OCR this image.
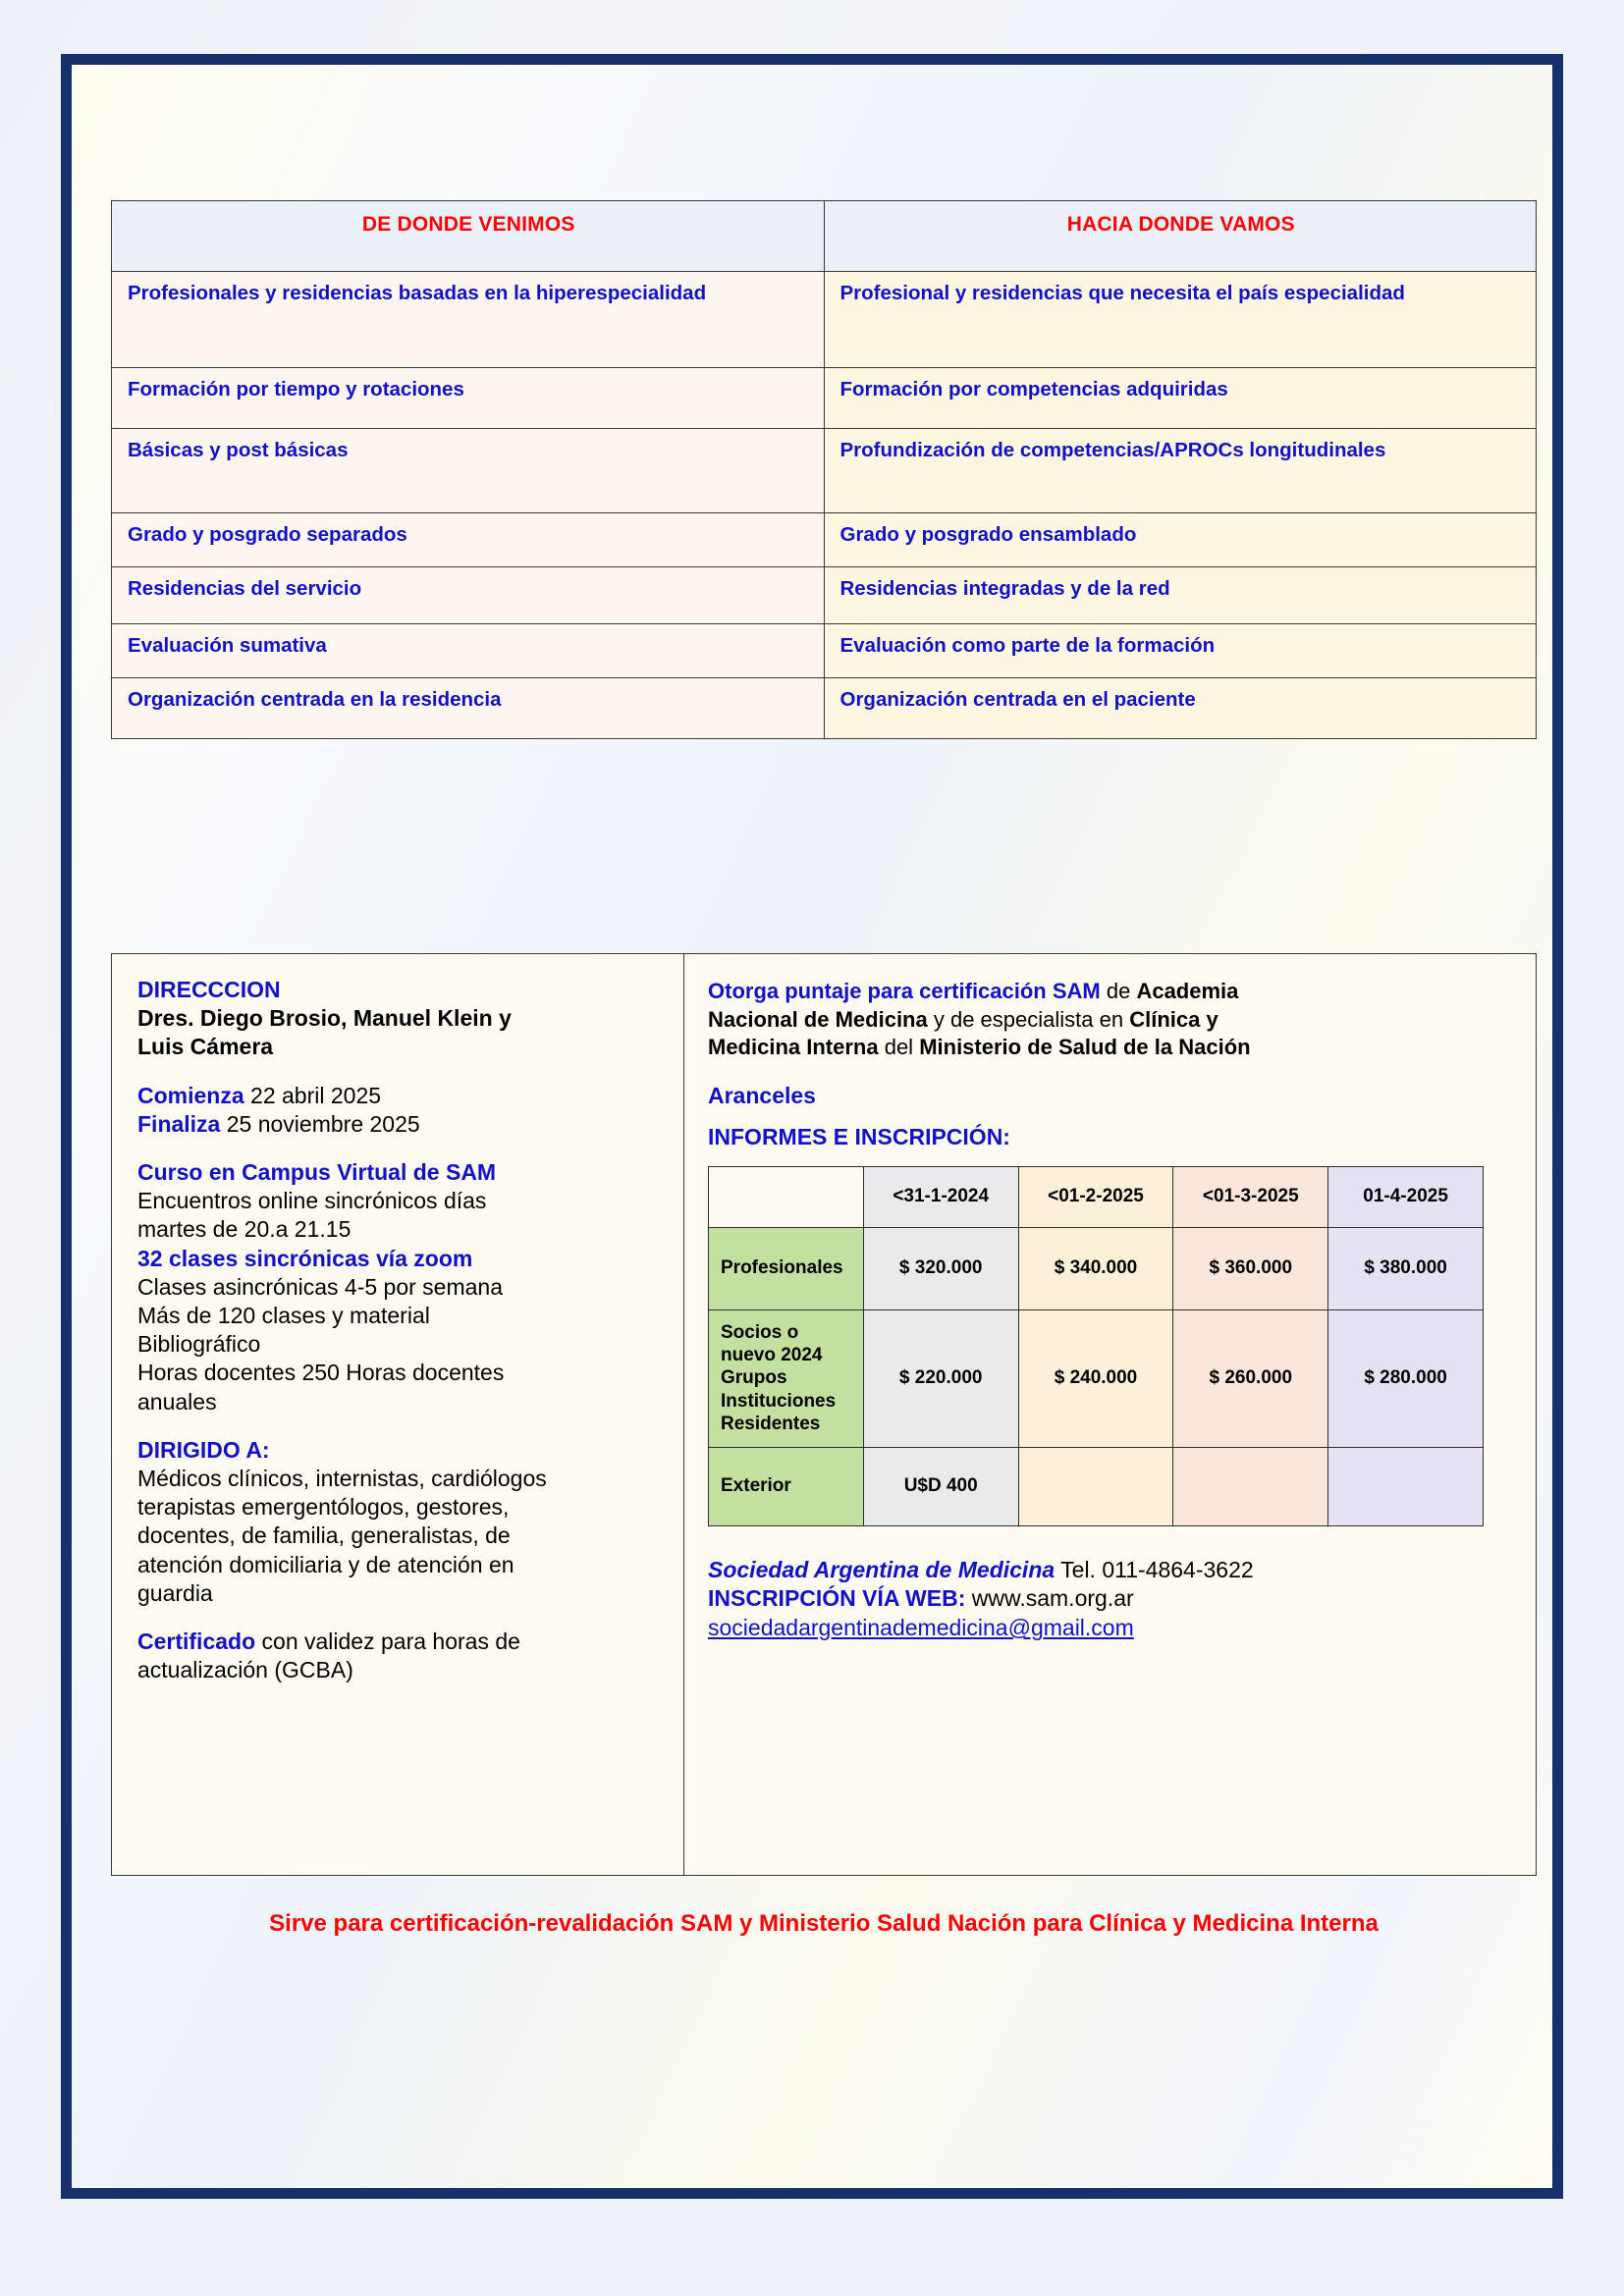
DE DONDE VENIMOS	HACIA DONDE VAMOS
Profesionales y residencias basadas en la hiperespecialidad	Profesional y residencias que necesita el país especialidad
Formación por tiempo y rotaciones	Formación por competencias adquiridas
Básicas y post básicas	Profundización de competencias/APROCs longitudinales
Grado y posgrado separados	Grado y posgrado ensamblado
Residencias del servicio	Residencias integradas y de la red
Evaluación sumativa	Evaluación como parte de la formación
Organización centrada en la residencia	Organización centrada en el paciente
DIRECCCION
Dres. Diego Brosio, Manuel Klein y
Luis Cámera
Comienza 22 abril 2025
Finaliza 25 noviembre 2025
Curso en Campus Virtual de SAM
Encuentros online sincrónicos días
martes de 20.a 21.15
32 clases sincrónicas vía zoom
Clases asincrónicas 4-5 por semana
Más de 120 clases y material
Bibliográfico
Horas docentes 250 Horas docentes
anuales
DIRIGIDO A:
Médicos clínicos, internistas, cardiólogos
terapistas emergentólogos, gestores,
docentes, de familia, generalistas, de
atención domiciliaria y de atención en
guardia
Certificado con validez para horas de
actualización (GCBA)
Otorga puntaje para certificación SAM de Academia
Nacional de Medicina y de especialista en Clínica y
Medicina Interna del Ministerio de Salud de la Nación
Aranceles
INFORMES E INSCRIPCIÓN:
	<31-1-2024	<01-2-2025	<01-3-2025	01-4-2025
Profesionales	$ 320.000	$ 340.000	$ 360.000	$ 380.000
Socios o nuevo 2024 Grupos Instituciones Residentes	$ 220.000	$ 240.000	$ 260.000	$ 280.000
Exterior	U$D 400			
Sociedad Argentina de Medicina Tel. 011-4864-3622
INSCRIPCIÓN VÍA WEB: www.sam.org.ar
sociedadargentinademedicina@gmail.com
Sirve para certificación-revalidación SAM y Ministerio Salud Nación para Clínica y Medicina Interna
